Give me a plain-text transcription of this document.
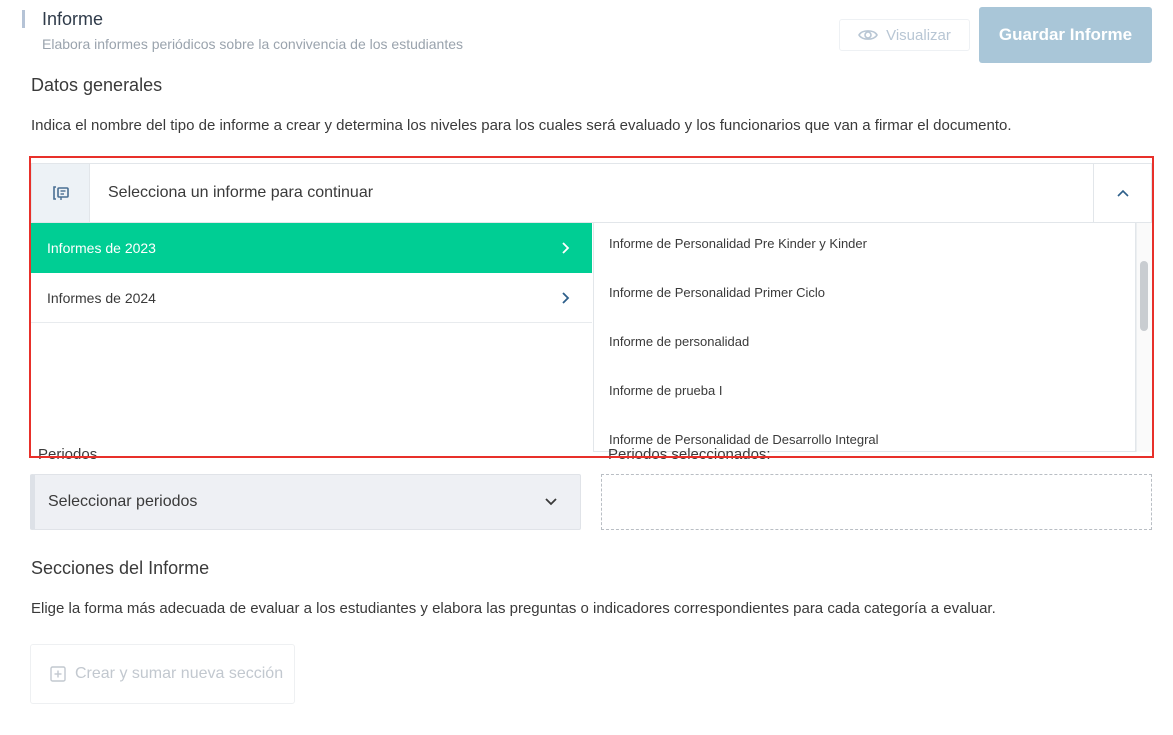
Informe
Elabora informes periódicos sobre la convivencia de los estudiantes
Visualizar	Guardar Informe
Datos generales
Indica el nombre del tipo de informe a crear y determina los niveles para los cuales será evaluado y los funcionarios que van a firmar el documento.
Selecciona un informe para continuar
Informes de 2023
Informes de 2024
Informe de Personalidad Pre Kinder y Kinder
Informe de Personalidad Primer Ciclo
Informe de personalidad
Informe de prueba I
Informe de Personalidad de Desarrollo Integral
Periodos	Periodos seleccionados:
Seleccionar periodos
Secciones del Informe
Elige la forma más adecuada de evaluar a los estudiantes y elabora las preguntas o indicadores correspondientes para cada categoría a evaluar.
Crear y sumar nueva sección
